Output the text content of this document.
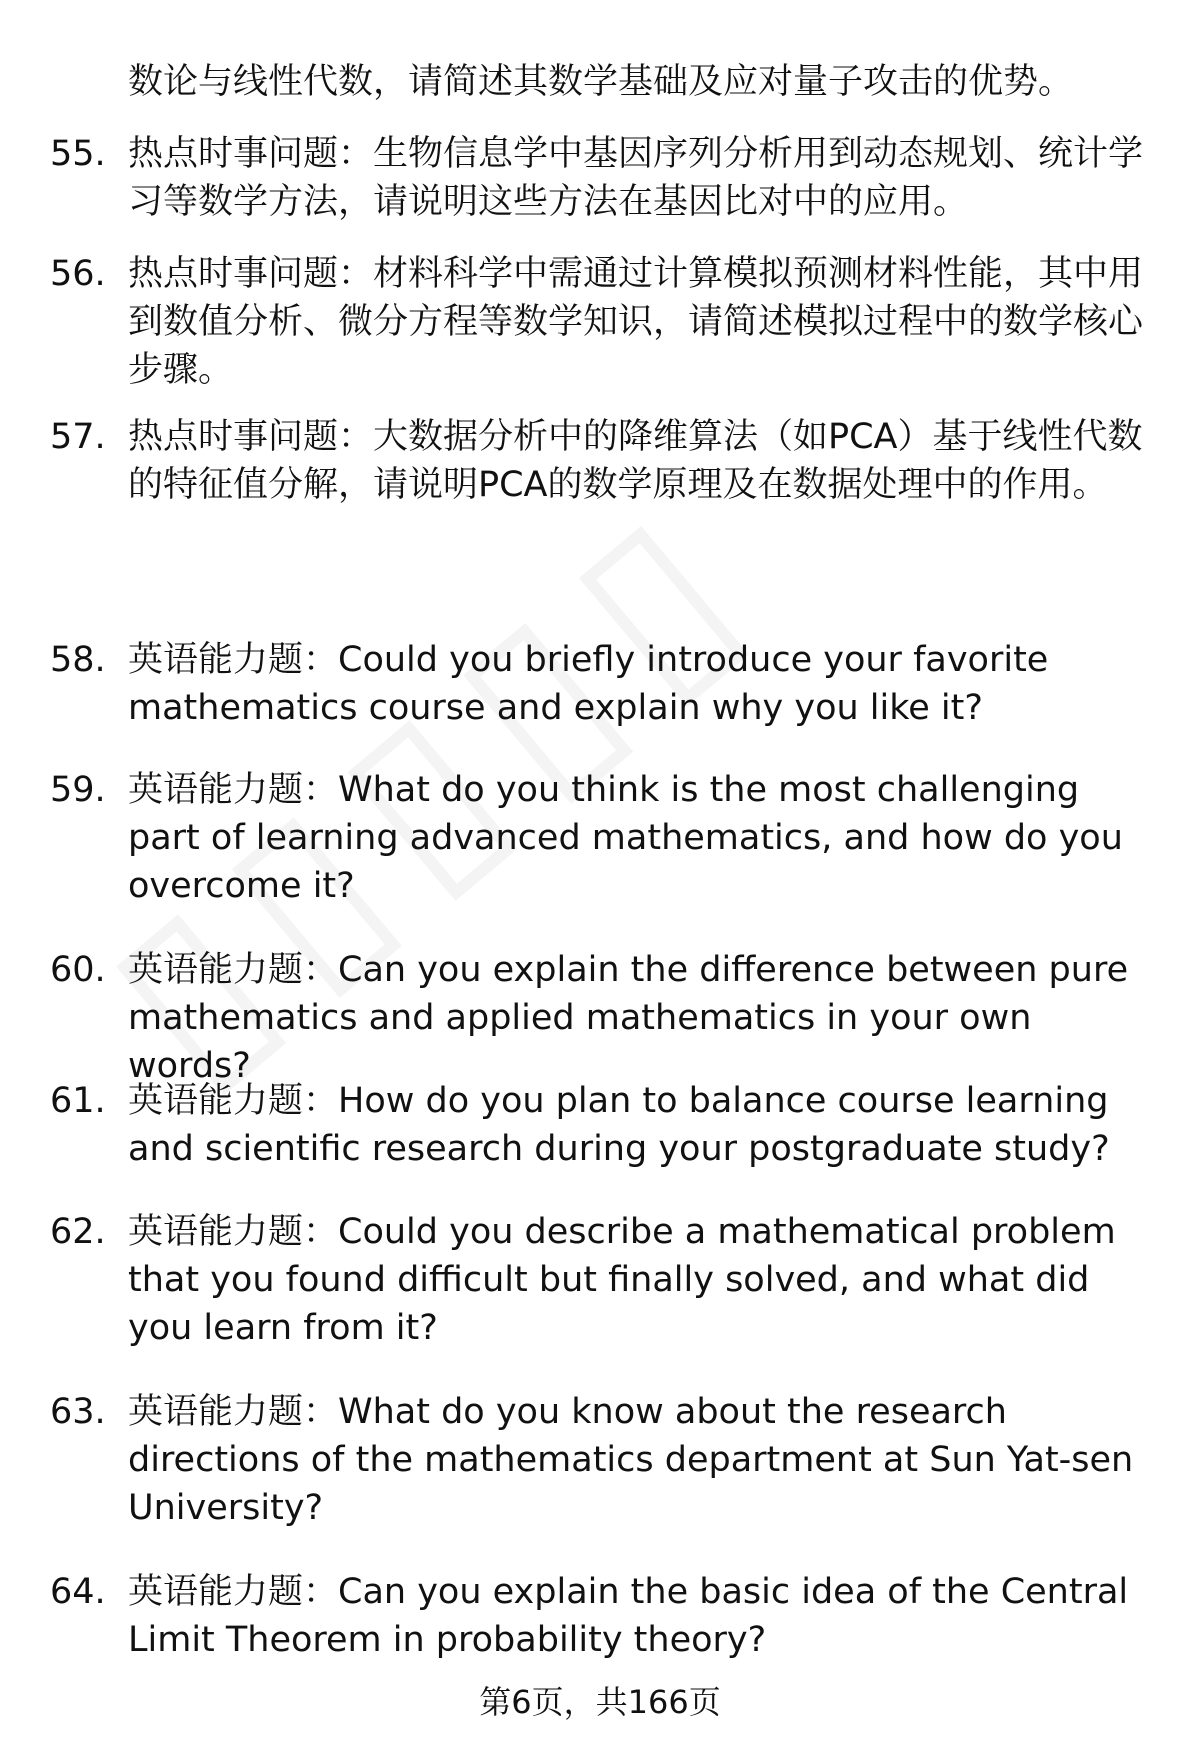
数论与线性代数，请简述其数学基础及应对量子攻击的优势。
55. 热点时事问题：生物信息学中基因序列分析用到动态规划、统计学习等数学方法，请说明这些方法在基因比对中的应用。
56. 热点时事问题：材料科学中需通过计算模拟预测材料性能，其中用到数值分析、微分方程等数学知识，请简述模拟过程中的数学核心步骤。
57. 热点时事问题：大数据分析中的降维算法（如PCA）基于线性代数的特征值分解，请说明PCA的数学原理及在数据处理中的作用。
58. 英语能力题：Could you briefly introduce your favorite mathematics course and explain why you like it?
59. 英语能力题：What do you think is the most challenging part of learning advanced mathematics, and how do you overcome it?
60. 英语能力题：Can you explain the difference between pure mathematics and applied mathematics in your own words?
61. 英语能力题：How do you plan to balance course learning and scientific research during your postgraduate study?
62. 英语能力题：Could you describe a mathematical problem that you found difficult but finally solved, and what did you learn from it?
63. 英语能力题：What do you know about the research directions of the mathematics department at Sun Yat-sen University?
64. 英语能力题：Can you explain the basic idea of the Central Limit Theorem in probability theory?
第6页，共166页
